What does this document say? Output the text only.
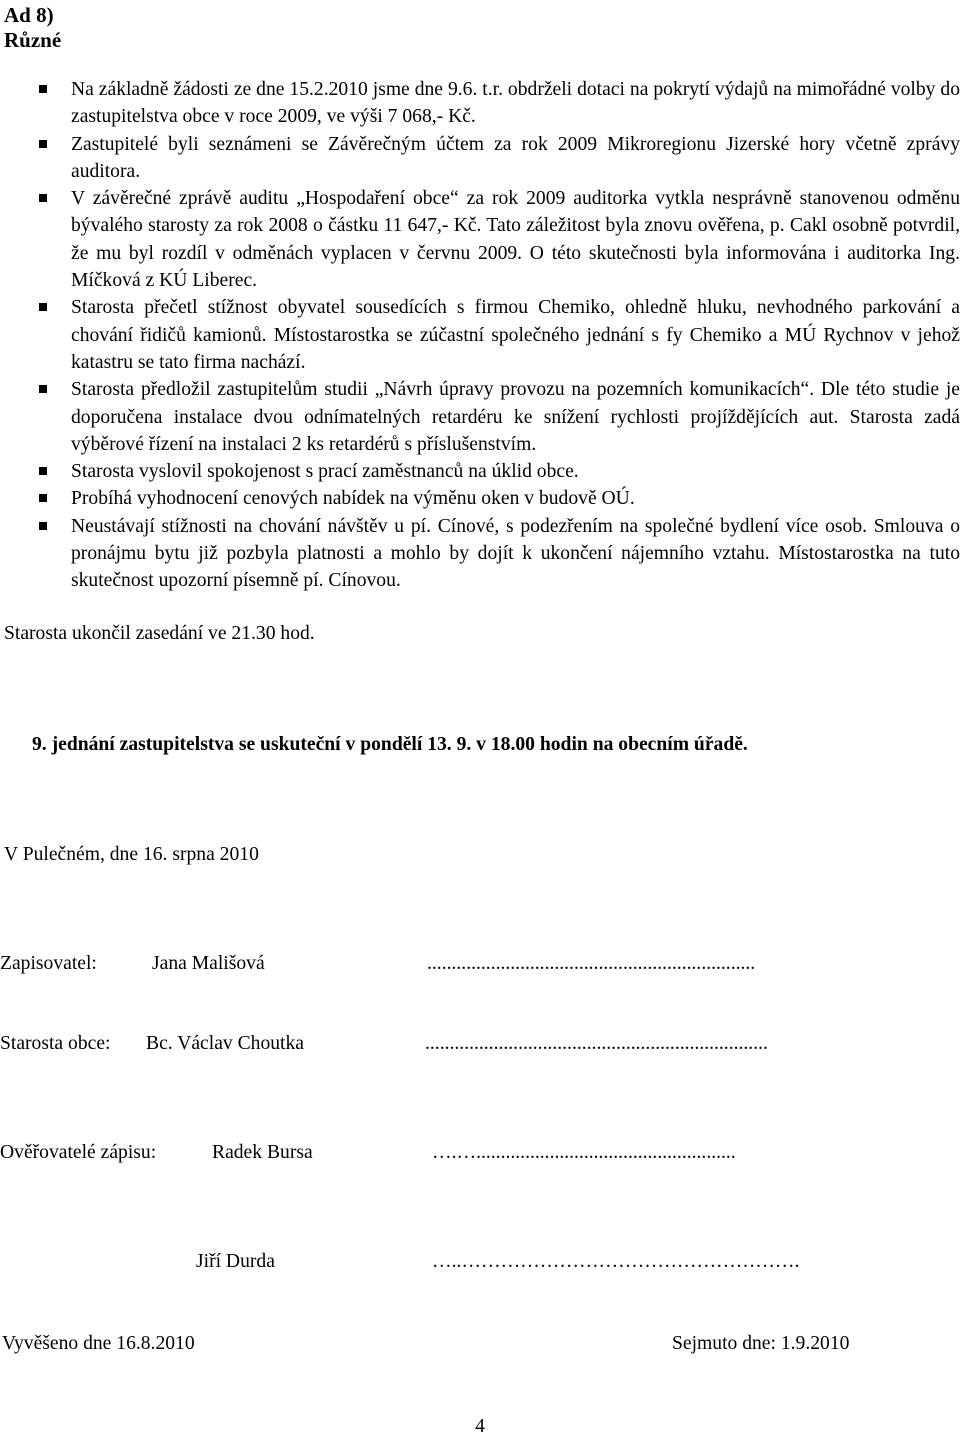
Ad 8)
Různé
Na základně žádosti ze dne 15.2.2010 jsme dne 9.6. t.r. obdrželi dotaci na pokrytí výdajů na mimořádné volby do zastupitelstva obce v roce 2009, ve výši 7 068,- Kč.
Zastupitelé byli seznámeni se Závěrečným účtem za rok 2009 Mikroregionu Jizerské hory včetně zprávy auditora.
V závěrečné zprávě auditu „Hospodaření obce“ za rok 2009 auditorka vytkla nesprávně stanovenou odměnu bývalého starosty za rok 2008 o částku 11 647,- Kč. Tato záležitost byla znovu ověřena, p. Cakl osobně potvrdil, že mu byl rozdíl v odměnách vyplacen v červnu 2009. O této skutečnosti byla informována i auditorka Ing. Míčková z KÚ Liberec.
Starosta přečetl stížnost obyvatel sousedících s firmou Chemiko, ohledně hluku, nevhodného parkování a chování řidičů kamionů. Místostarostka se zúčastní společného jednání s fy Chemiko a MÚ Rychnov v jehož katastru se tato firma nachází.
Starosta předložil zastupitelům studii „Návrh úpravy provozu na pozemních komunikacích“. Dle této studie je doporučena instalace dvou odnímatelných retardéru ke snížení rychlosti projíždějících aut. Starosta zadá výběrové řízení na instalaci 2 ks retardérů s příslušenstvím.
Starosta vyslovil spokojenost s prací zaměstnanců na úklid obce.
Probíhá vyhodnocení cenových nabídek na výměnu oken v budově OÚ.
Neustávají stížnosti na chování návštěv u pí. Cínové, s podezřením na společné bydlení více osob. Smlouva o pronájmu bytu již pozbyla platnosti a mohlo by dojít k ukončení nájemního vztahu. Místostarostka na tuto skutečnost upozorní písemně pí. Cínovou.
Starosta ukončil zasedání ve 21.30 hod.
9. jednání zastupitelstva se uskuteční v pondělí 13. 9. v 18.00 hodin na obecním úřadě.
V Pulečném, dne 16. srpna 2010
Zapisovatel:	Jana Mališová	...................................................................
Starosta obce: Bc. Václav Choutka	......................................................................
Ověřovatelé zápisu:	Radek Bursa	….….....................................................
Jiří Durda	…..…………………………………………….
Vyvěšeno dne 16.8.2010	Sejmuto dne: 1.9.2010
4
